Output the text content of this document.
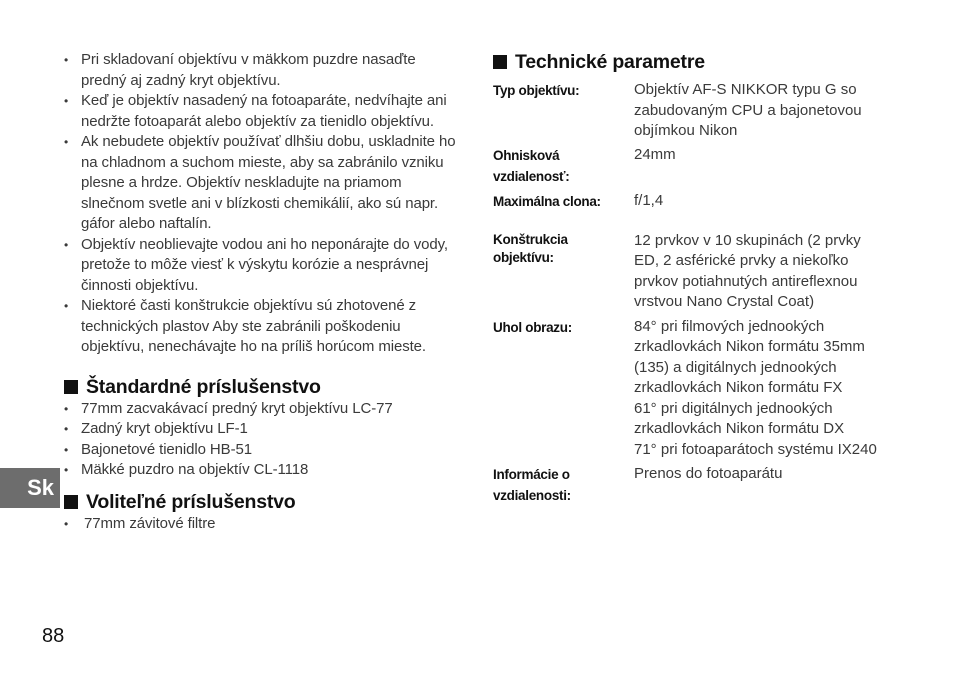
• Pri skladovaní objektívu v mäkkom puzdre nasaďte predný aj zadný kryt objektívu.
• Keď je objektív nasadený na fotoaparáte, nedvíhajte ani nedržte fotoaparát alebo objektív za tienidlo objektívu.
• Ak nebudete objektív používať dlhšiu dobu, uskladnite ho na chladnom a suchom mieste, aby sa zabránilo vzniku plesne a hrdze. Objektív neskladujte na priamom slnečnom svetle ani v blízkosti chemikálií, ako sú napr. gáfor alebo naftalín.
• Objektív neoblievajte vodou ani ho neponárajte do vody, pretože to môže viesť k výskytu korózie a nesprávnej činnosti objektívu.
• Niektoré časti konštrukcie objektívu sú zhotovené z technických plastov Aby ste zabránili poškodeniu objektívu, nenechávajte ho na príliš horúcom mieste.
Štandardné príslušenstvo
• 77mm zacvakávací predný kryt objektívu LC-77
• Zadný kryt objektívu LF-1
• Bajonetové tienidlo HB-51
• Mäkké puzdro na objektív CL-1118
Voliteľné príslušenstvo
• 77mm závitové filtre
Technické parametre
Typ objektívu:	Objektív AF-S NIKKOR typu G so zabudovaným CPU a bajonetovou objímkou Nikon
Ohnisková vzdialenosť:
24mm
Maximálna clona:	f/1,4
Konštrukcia objektívu:
12 prvkov v 10 skupinách (2 prvky ED, 2 asférické prvky a niekoľko prvkov potiahnutých antireflexnou vrstvou Nano Crystal Coat)
Uhol obrazu:	84° pri filmových jednookých zrkadlovkách Nikon formátu 35mm (135) a digitálnych jednookých zrkadlovkách Nikon formátu FX
61° pri digitálnych jednookých zrkadlovkách Nikon formátu DX
71° pri fotoaparátoch systému IX240
Informácie o vzdialenosti:
Prenos do fotoaparátu
Sk
88
